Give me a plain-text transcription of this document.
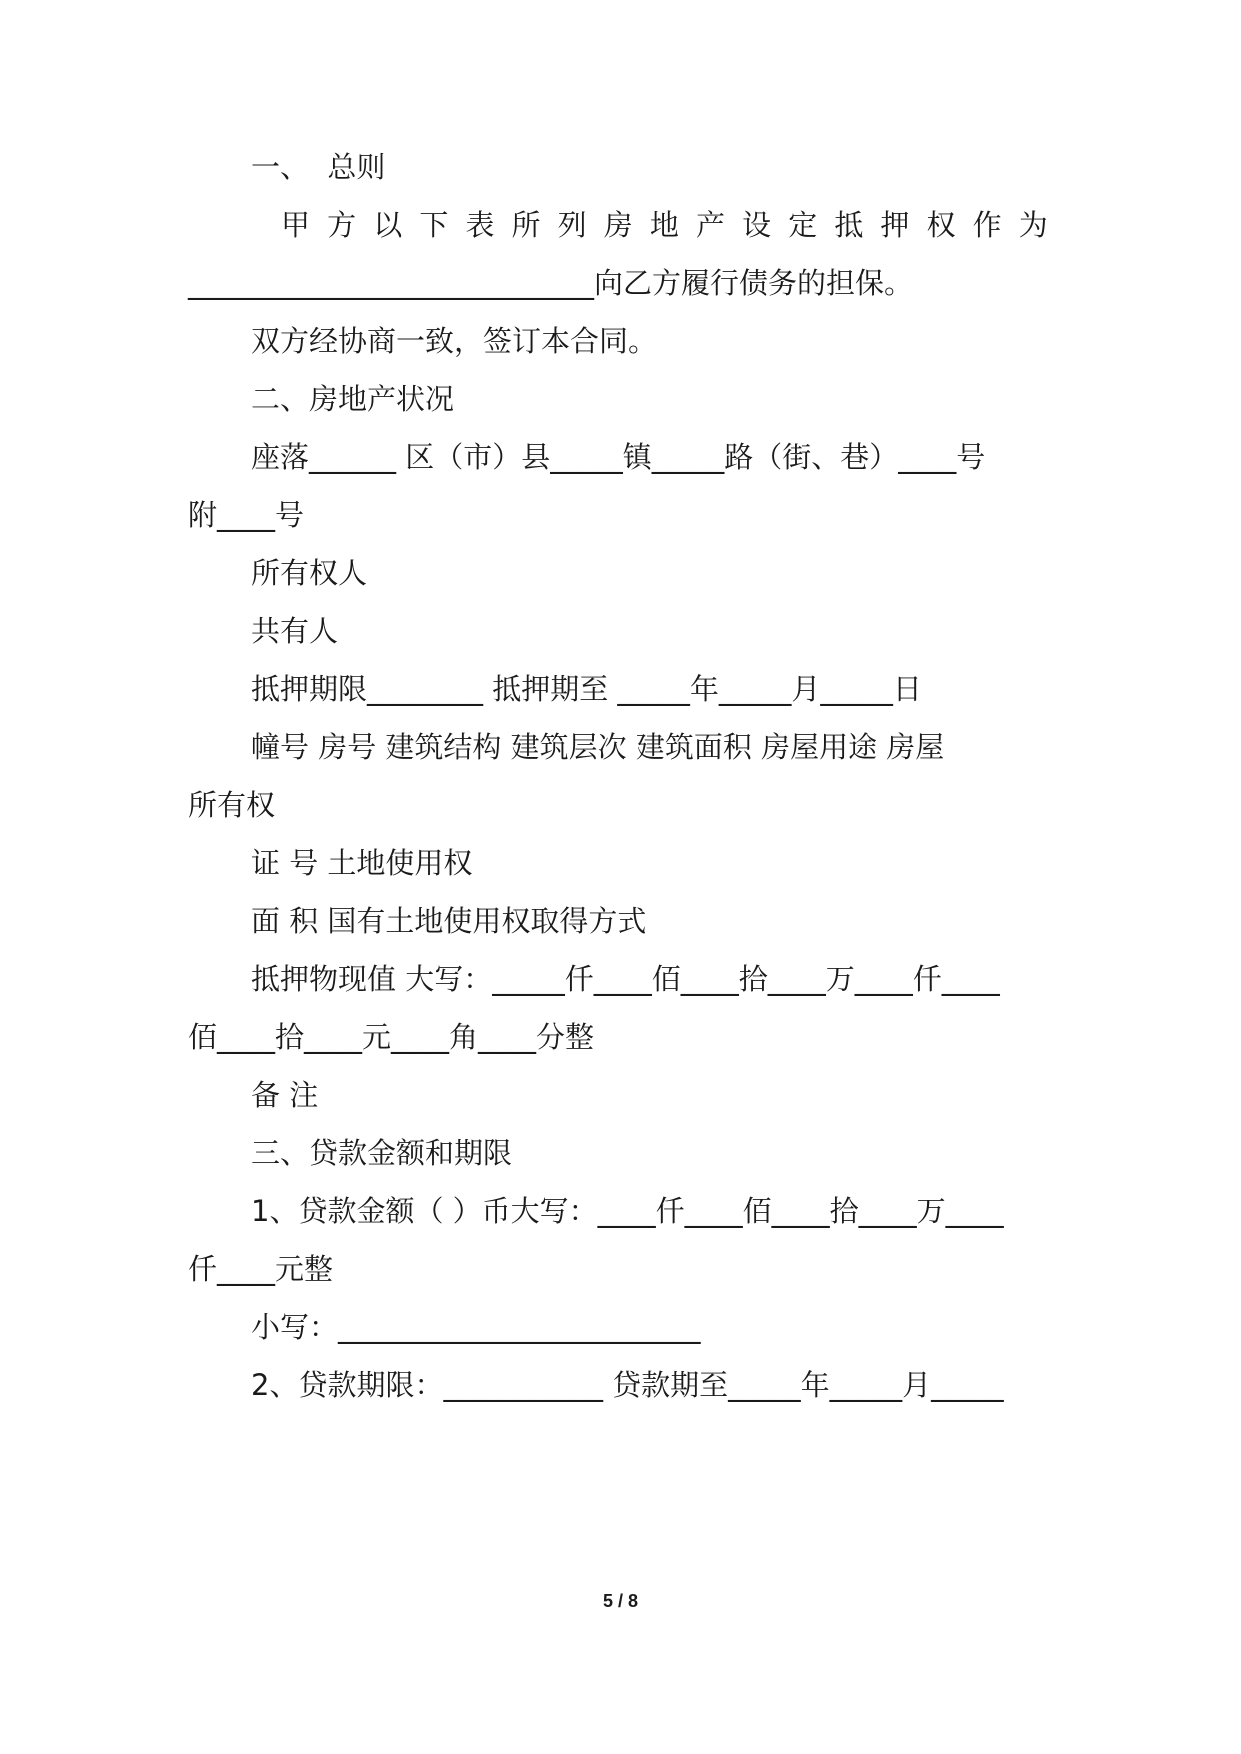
一、  总则
甲 方 以 下 表 所 列 房 地 产 设 定 抵 押 权 作 为
____________________________向乙方履行债务的担保。
双方经协商一致，签订本合同。
二、房地产状况
座落______ 区（市）县_____镇_____路（街、巷）____号
附____号
所有权人
共有人
抵押期限________ 抵押期至 _____年_____月_____日
幢号 房号 建筑结构 建筑层次 建筑面积 房屋用途 房屋
所有权
证 号 土地使用权
面 积 国有土地使用权取得方式
抵押物现值 大写：_____仟____佰____拾____万____仟____
佰____拾____元____角____分整
备 注
三、贷款金额和期限
1、贷款金额（ ）币大写：____仟____佰____拾____万____
仟____元整
小写：_________________________
2、贷款期限：___________ 贷款期至_____年_____月_____
5 / 8
